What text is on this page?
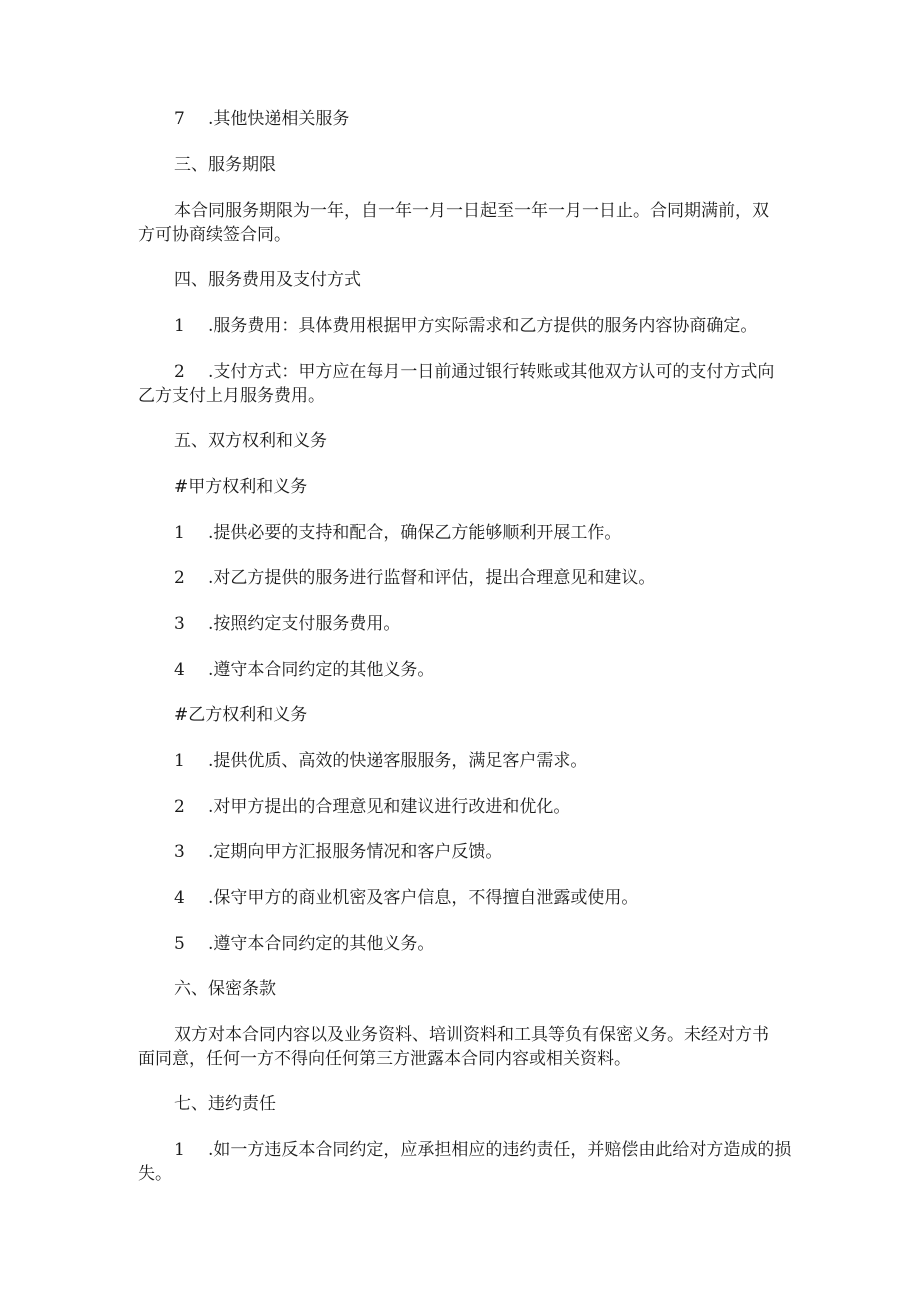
7 .其他快递相关服务

三、服务期限

本合同服务期限为一年，自一年一月一日起至一年一月一日止。合同期满前，双

方可协商续签合同。

四、服务费用及支付方式

1 .服务费用：具体费用根据甲方实际需求和乙方提供的服务内容协商确定。

2 .支付方式：甲方应在每月一日前通过银行转账或其他双方认可的支付方式向

乙方支付上月服务费用。

五、双方权利和义务

#甲方权利和义务

1 .提供必要的支持和配合，确保乙方能够顺利开展工作。

2 .对乙方提供的服务进行监督和评估，提出合理意见和建议。

3 .按照约定支付服务费用。

4 .遵守本合同约定的其他义务。

#乙方权利和义务

1 .提供优质、高效的快递客服服务，满足客户需求。

2 .对甲方提出的合理意见和建议进行改进和优化。

3 .定期向甲方汇报服务情况和客户反馈。

4 .保守甲方的商业机密及客户信息，不得擅自泄露或使用。

5 .遵守本合同约定的其他义务。

六、保密条款

双方对本合同内容以及业务资料、培训资料和工具等负有保密义务。未经对方书

面同意，任何一方不得向任何第三方泄露本合同内容或相关资料。

七、违约责任

1 .如一方违反本合同约定，应承担相应的违约责任，并赔偿由此给对方造成的损

失。
